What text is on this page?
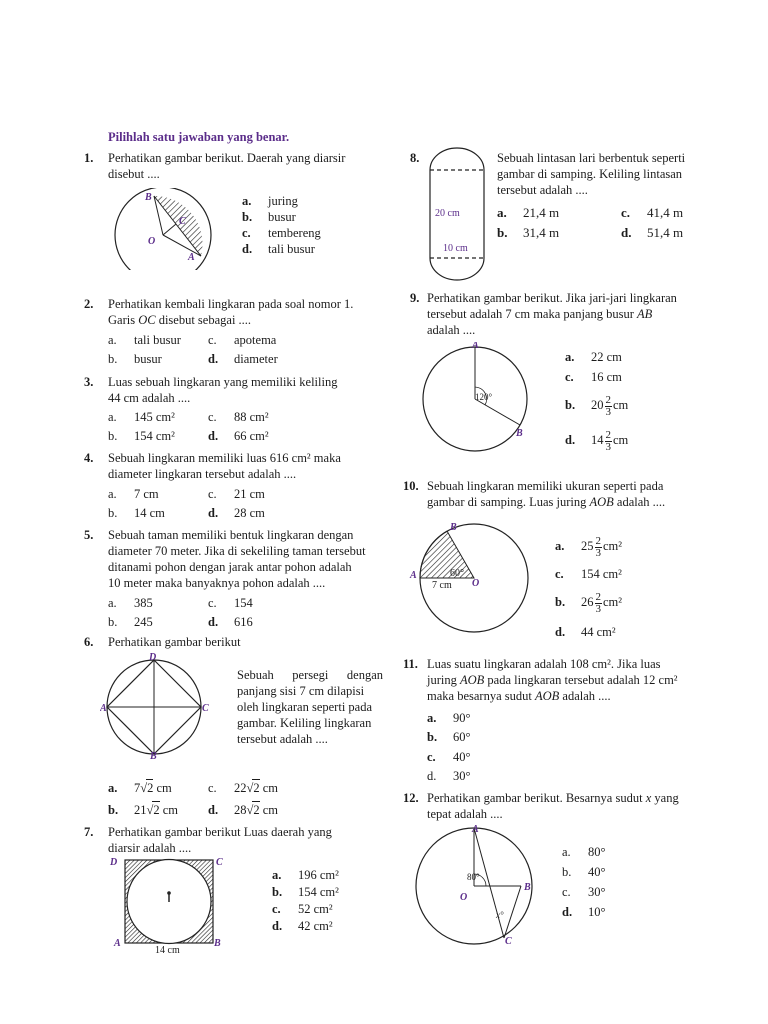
Pilihlah satu jawaban yang benar.
1. Perhatikan gambar berikut. Daerah yang diarsir
disebut ....
B
C
O
A
a. juring
b. busur
c. tembereng
d. tali busur
2. Perhatikan kembali lingkaran pada soal nomor 1.
Garis OC disebut sebagai ....
a. tali busur c. apotema
b. busur	d. diameter
3. Luas sebuah lingkaran yang memiliki keliling
44 cm adalah ....
a. 145 cm²	c. 88 cm²
b. 154 cm²	d. 66 cm²
4. Sebuah lingkaran memiliki luas 616 cm² maka
diameter lingkaran tersebut adalah ....
a. 7 cm	c. 21 cm
b. 14 cm	d. 28 cm
5. Sebuah taman memiliki bentuk lingkaran dengan
diameter 70 meter. Jika di sekeliling taman tersebut
ditanami pohon dengan jarak antar pohon adalah
10 meter maka banyaknya pohon adalah ....
a. 385	c. 154
b. 245	d. 616
6. Perhatikan gambar berikut
D
A	C
B
Sebuah persegi dengan
panjang sisi 7 cm dilapisi
oleh lingkaran seperti pada
gambar. Keliling lingkaran
tersebut adalah ....
a. 7√2 cm	c. 22√2 cm
b. 21√2 cm d. 28√2 cm
7. Perhatikan gambar berikut Luas daerah yang
diarsir adalah ....
D	C
A	B
14 cm
a. 196 cm²
b. 154 cm²
c. 52 cm²
d. 42 cm²
8.
20 cm
10 cm
Sebuah lintasan lari berbentuk seperti
gambar di samping. Keliling lintasan
tersebut adalah ....
a. 21,4 m	c. 41,4 m
b. 31,4 m	d. 51,4 m
9. Perhatikan gambar berikut. Jika jari-jari lingkaran
tersebut adalah 7 cm maka panjang busur AB
adalah ....
A
B
120°
a. 22 cm
c. 16 cm
b. $20 \frac{2}{3}$ cm
d. $14 \frac{2}{3}$ cm
10. Sebuah lingkaran memiliki ukuran seperti pada
gambar di samping. Luas juring AOB adalah ....
B
A
O
60°
7 cm
a. $25 \frac{2}{3} cm^2$
c. 154 cm²
b. $26 \frac{2}{3} cm^2$
d. 44 cm²
11. Luas suatu lingkaran adalah 108 cm². Jika luas
juring AOB pada lingkaran tersebut adalah 12 cm²
maka besarnya sudut AOB adalah ....
a. 90°
b. 60°
c. 40°
d. 30°
12. Perhatikan gambar berikut. Besarnya sudut x yang
tepat adalah ....
A
B
O
C
80°
x°
a. 80°
b. 40°
c. 30°
d. 10°
